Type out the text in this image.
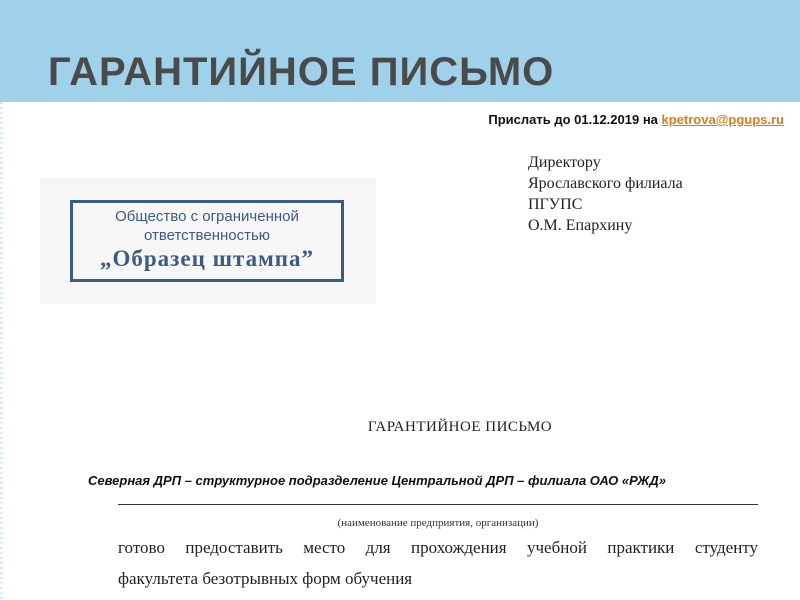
ГАРАНТИЙНОЕ ПИСЬМО
Прислать до 01.12.2019 на kpetrova@pgups.ru
Директору
Ярославского филиала
ПГУПС
О.М. Епархину
Общество с ограниченной
ответственностью
„Образец штампа”
ГАРАНТИЙНОЕ ПИСЬМО
Северная ДРП – структурное подразделение Центральной ДРП – филиала ОАО «РЖД»
(наименование предприятия, организации)
готово предоставить место для прохождения учебной практики студенту
факультета безотрывных форм обучения
